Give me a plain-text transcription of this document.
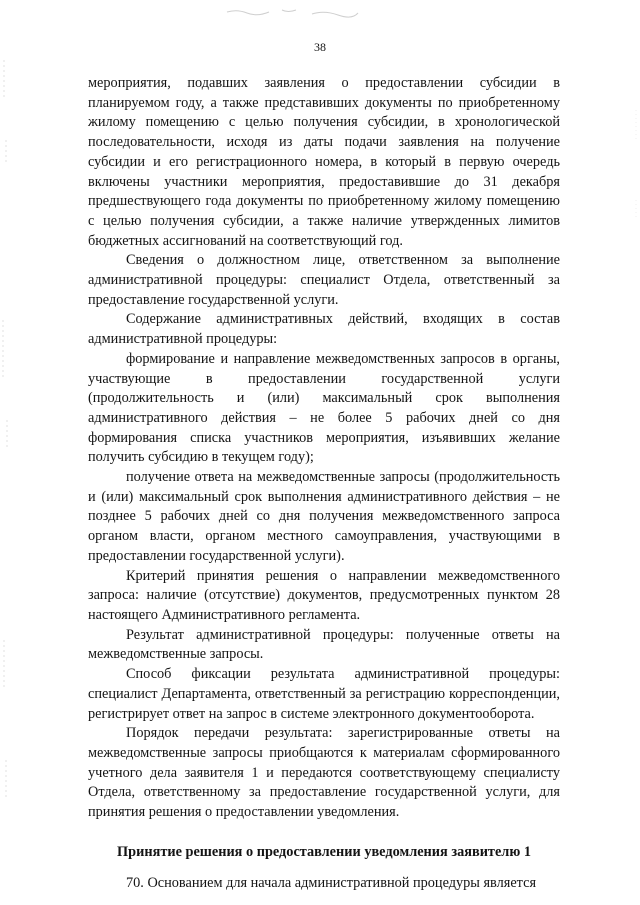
38

мероприятия, подавших заявления о предоставлении субсидии в планируемом году, а также представивших документы по приобретенному жилому помещению с целью получения субсидии, в хронологической последовательности, исходя из даты подачи заявления на получение субсидии и его регистрационного номера, в который в первую очередь включены участники мероприятия, предоставившие до 31 декабря предшествующего года документы по приобретенному жилому помещению с целью получения субсидии, а также наличие утвержденных лимитов бюджетных ассигнований на соответствующий год.

Сведения о должностном лице, ответственном за выполнение административной процедуры: специалист Отдела, ответственный за предоставление государственной услуги.

Содержание административных действий, входящих в состав административной процедуры:

формирование и направление межведомственных запросов в органы, участвующие в предоставлении государственной услуги (продолжительность и (или) максимальный срок выполнения административного действия – не более 5 рабочих дней со дня формирования списка участников мероприятия, изъявивших желание получить субсидию в текущем году);

получение ответа на межведомственные запросы (продолжительность и (или) максимальный срок выполнения административного действия – не позднее 5 рабочих дней со дня получения межведомственного запроса органом власти, органом местного самоуправления, участвующими в предоставлении государственной услуги).

Критерий принятия решения о направлении межведомственного запроса: наличие (отсутствие) документов, предусмотренных пунктом 28 настоящего Административного регламента.

Результат административной процедуры: полученные ответы на межведомственные запросы.

Способ фиксации результата административной процедуры: специалист Департамента, ответственный за регистрацию корреспонденции, регистрирует ответ на запрос в системе электронного документооборота.

Порядок передачи результата: зарегистрированные ответы на межведомственные запросы приобщаются к материалам сформированного учетного дела заявителя 1 и передаются соответствующему специалисту Отдела, ответственному за предоставление государственной услуги, для принятия решения о предоставлении уведомления.

Принятие решения о предоставлении уведомления заявителю 1

70. Основанием для начала административной процедуры является
